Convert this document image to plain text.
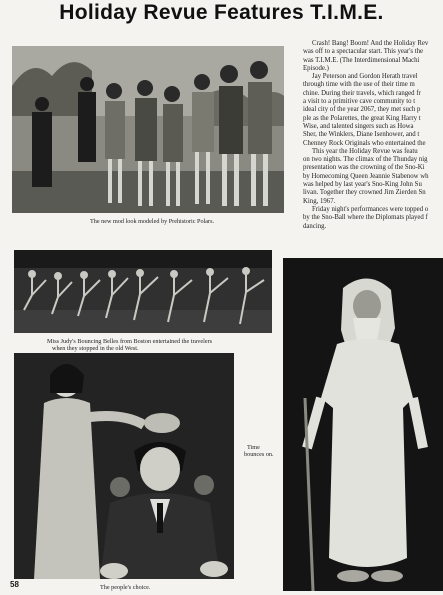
Holiday Revue Features T.I.M.E.
The new mod look modeled by Prehistoric Polars.

Crash! Bang! Boom! And the Holiday Rev

was off to a spectacular start. This year's the

was T.I.M.E. (The Interdimensional Machi

Episode.)

Jay Peterson and Gordon Herath travel

through time with the use of their time m

chine. During their travels, which ranged fr

a visit to a primitive cave community to t

ideal city of the year 2067, they met such p

ple as the Polarettes, the great King Harry t

Wise, and talented singers such as Howa

Sher, the Winklers, Diane Isenhower, and t

Chenney Rock Originals who entertained the

This year the Holiday Revue was featu

on two nights. The climax of the Thunday nig

presentation was the crowning of the Sno-Ki

by Homecoming Queen Jeannie Stabenow wh

was helped by last year's Sno-King John Su

livan. Together they crowned Jim Zierden Sn

King, 1967.

Friday night's performances were topped o

by the Sno-Ball where the Diplomats played f

dancing.

Miss Judy's Bouncing Belles from Boston entertained the travelers
when they stopped in the old West.
Time
bounces on.
The people's choice.
58
